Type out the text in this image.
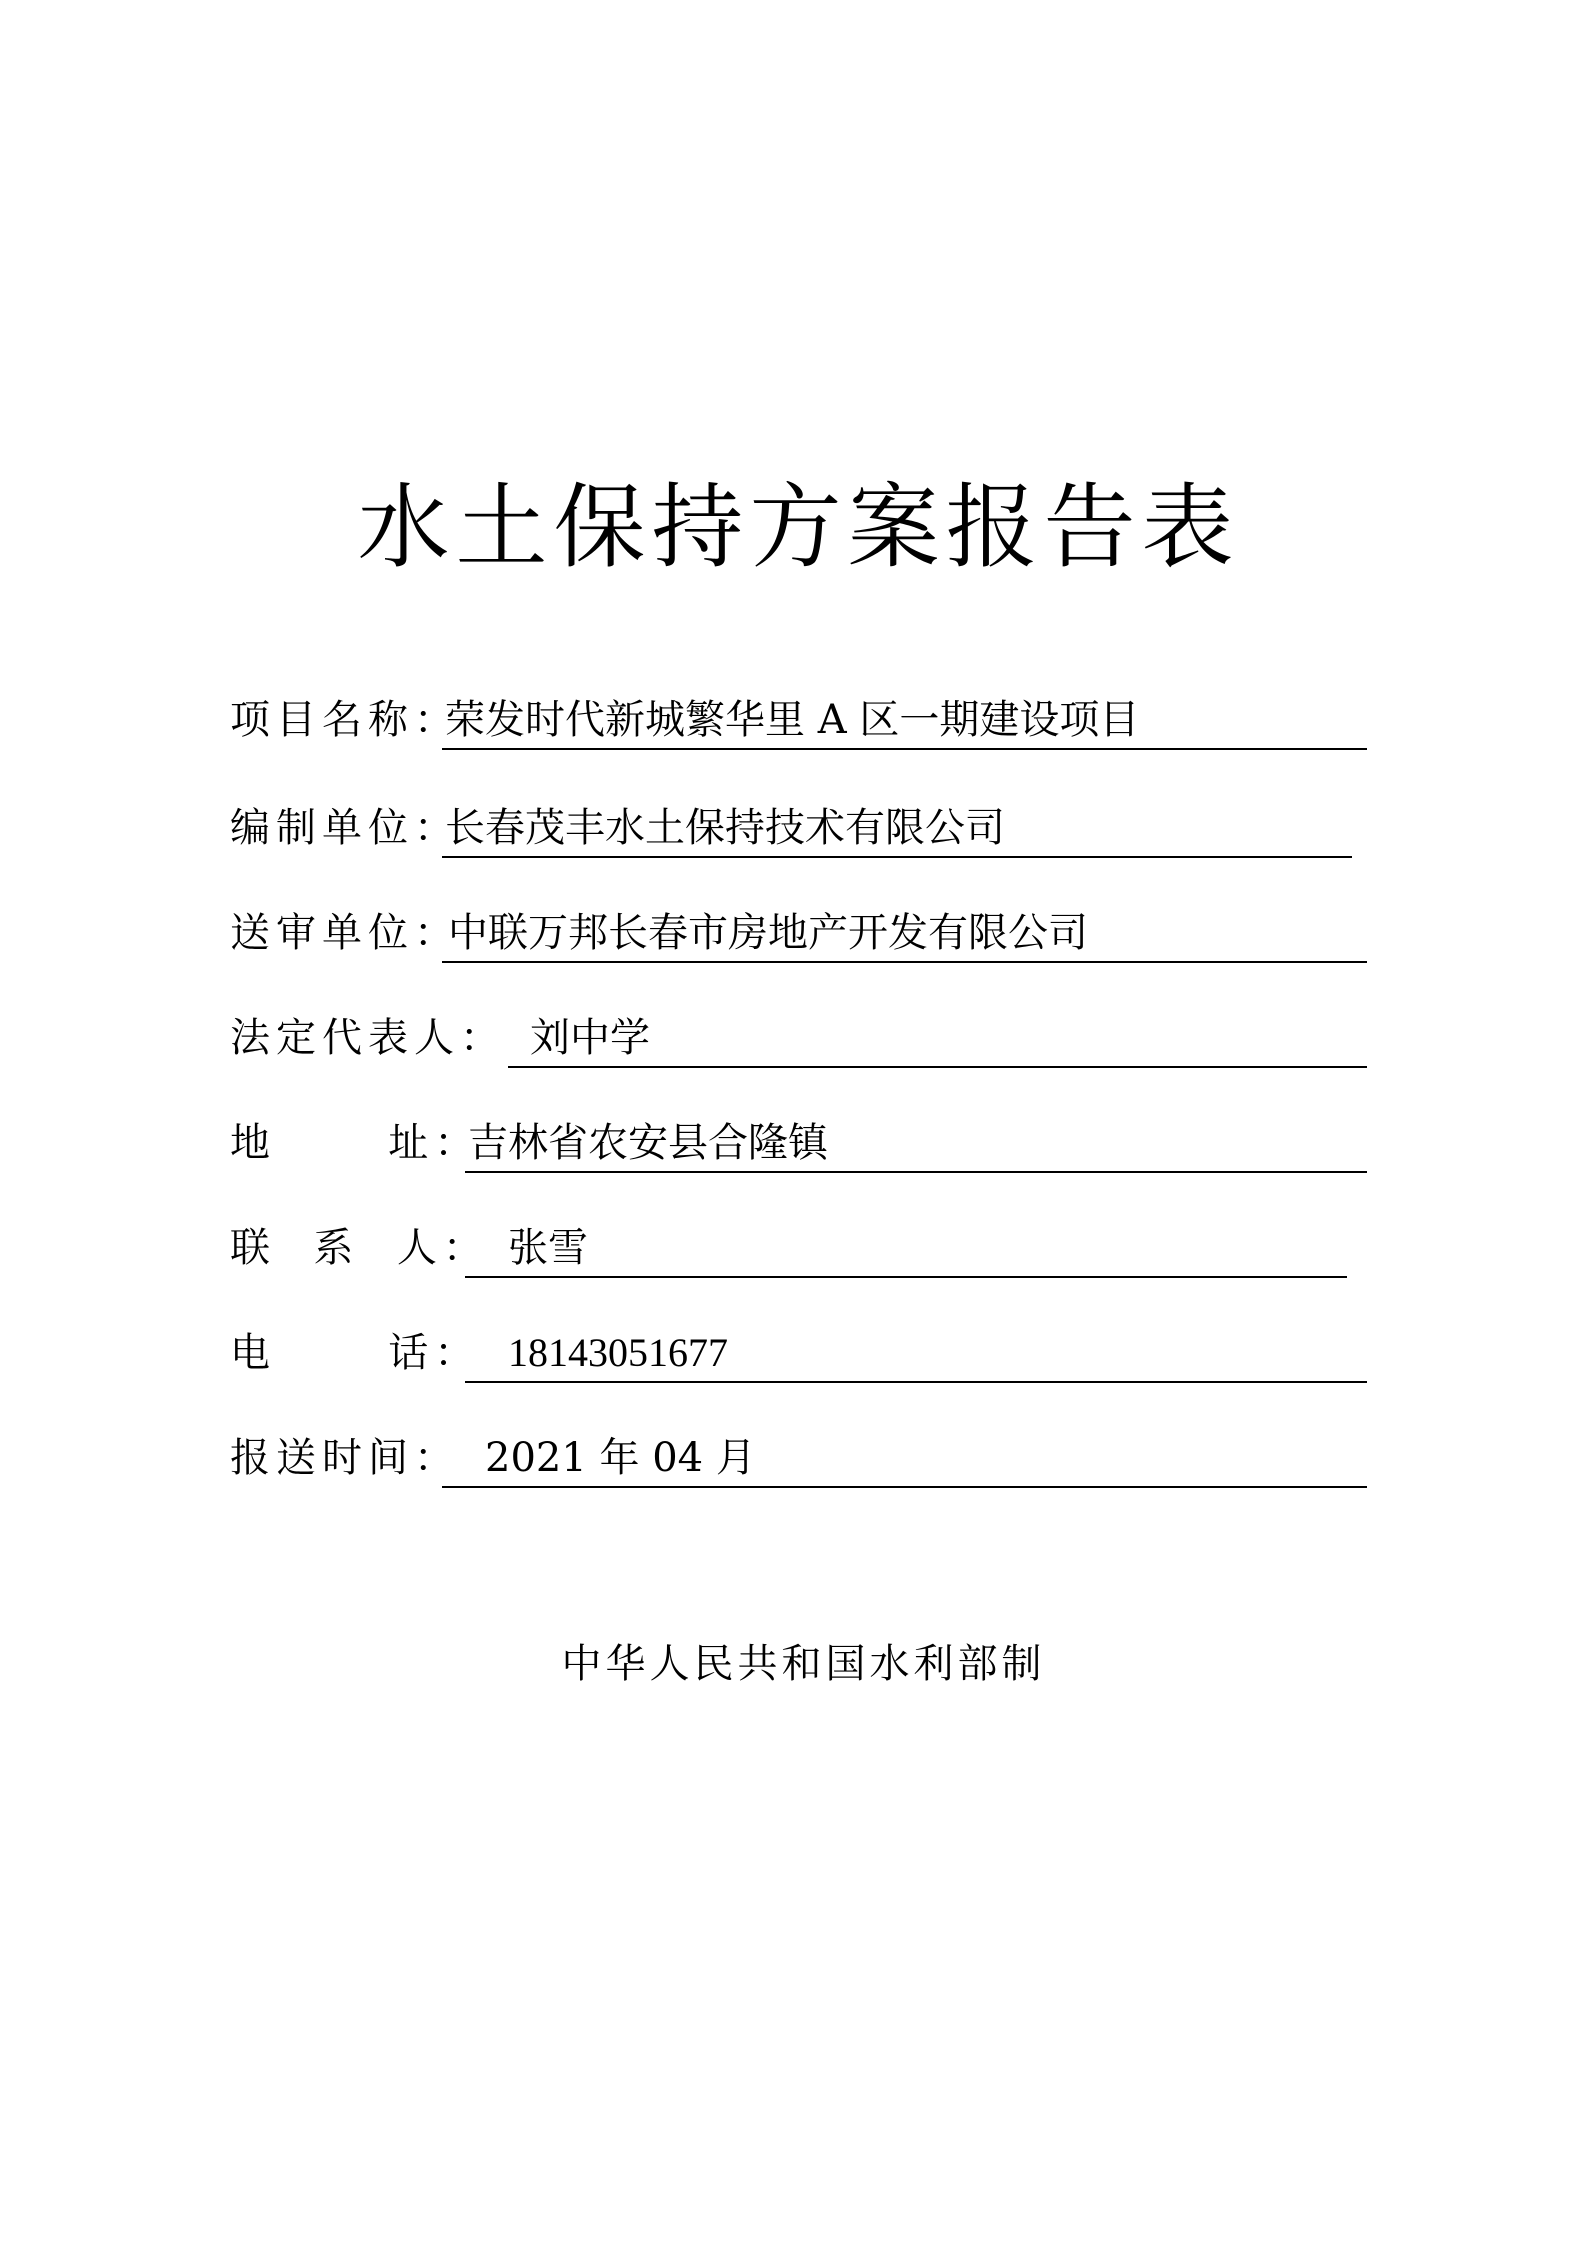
水土保持方案报告表
项目名称：
荣发时代新城繁华里 A 区一期建设项目
编制单位：
长春茂丰水土保持技术有限公司
送审单位：
中联万邦长春市房地产开发有限公司
法定代表人： 刘中学
地      址：
吉林省农安县合隆镇
联  系  人： 张雪
电      话： 18143051677
报送时间： 2021 年 04 月
中华人民共和国水利部制
